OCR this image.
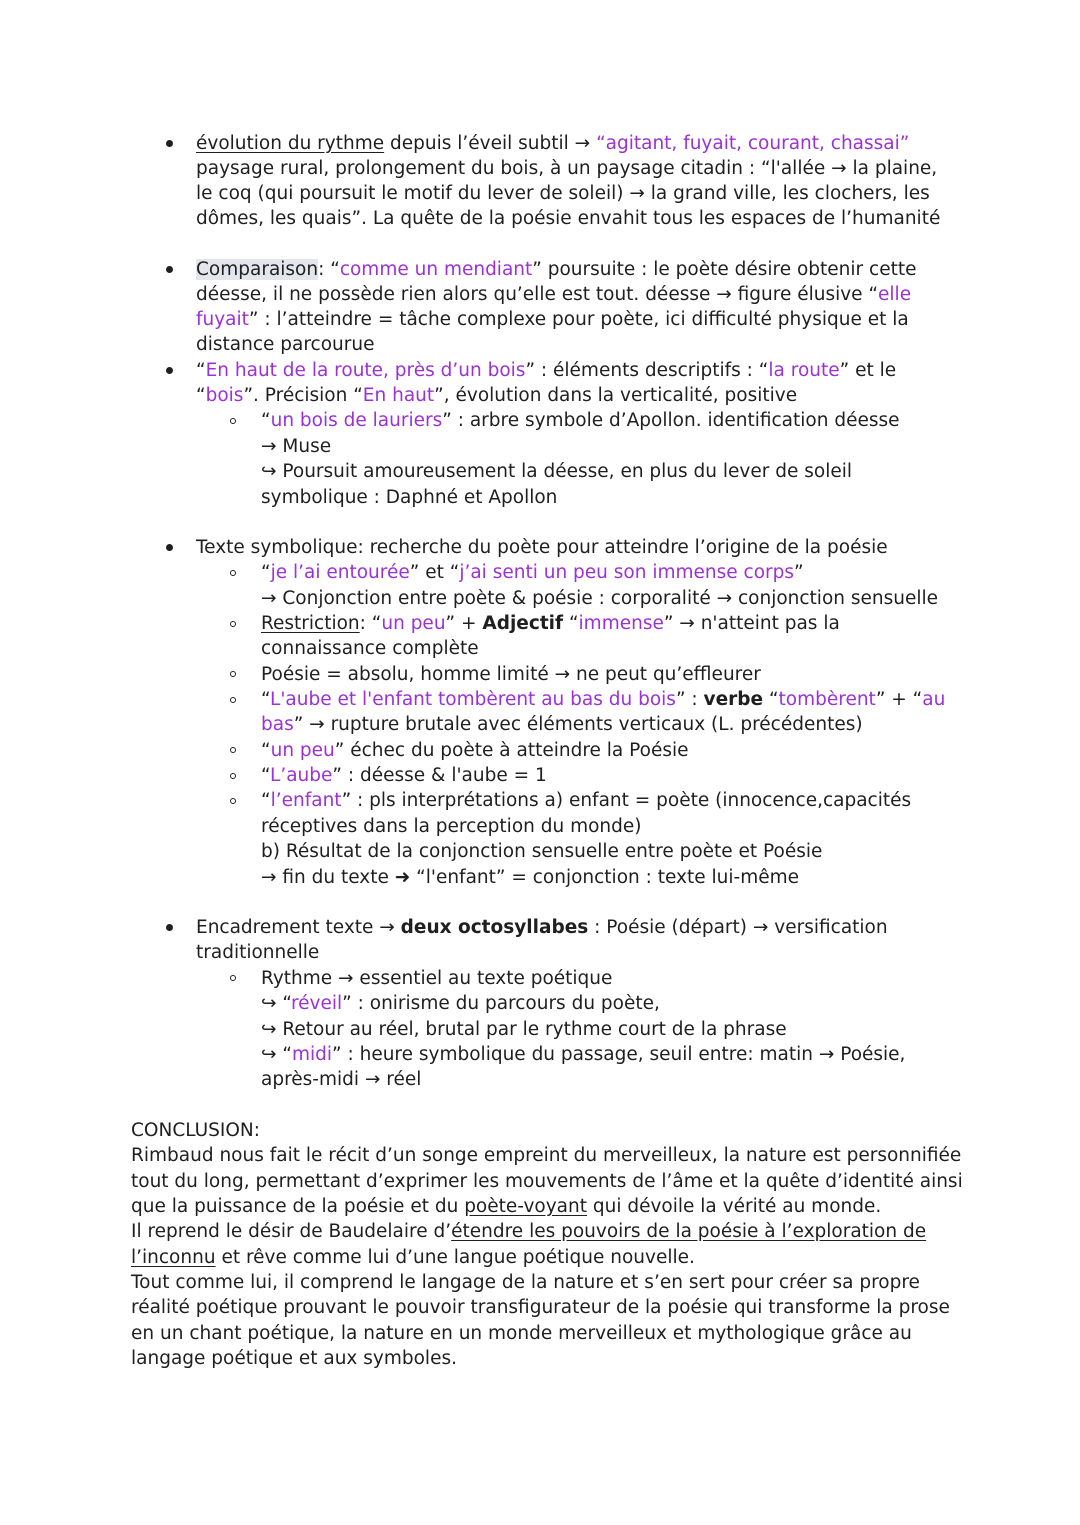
évolution du rythme depuis l’éveil subtil → “agitant, fuyait, courant, chassai”
paysage rural, prolongement du bois, à un paysage citadin : “l'allée → la plaine,
le coq (qui poursuit le motif du lever de soleil) → la grand ville, les clochers, les
dômes, les quais”. La quête de la poésie envahit tous les espaces de l’humanité
Comparaison: “comme un mendiant” poursuite : le poète désire obtenir cette
déesse, il ne possède rien alors qu’elle est tout. déesse → figure élusive “elle
fuyait” : l’atteindre = tâche complexe pour poète, ici difficulté physique et la
distance parcourue
“En haut de la route, près d’un bois” : éléments descriptifs : “la route” et le
“bois”. Précision “En haut”, évolution dans la verticalité, positive
“un bois de lauriers” : arbre symbole d’Apollon. identification déesse
→ Muse
↪ Poursuit amoureusement la déesse, en plus du lever de soleil
symbolique : Daphné et Apollon
Texte symbolique: recherche du poète pour atteindre l’origine de la poésie
“je l’ai entourée” et “j’ai senti un peu son immense corps”
→ Conjonction entre poète & poésie : corporalité → conjonction sensuelle
Restriction: “un peu” + Adjectif “immense” → n'atteint pas la
connaissance complète
Poésie = absolu, homme limité → ne peut qu’effleurer
“L'aube et l'enfant tombèrent au bas du bois” : verbe “tombèrent” + “au
bas” → rupture brutale avec éléments verticaux (L. précédentes)
“un peu” échec du poète à atteindre la Poésie
“L’aube” : déesse & l'aube = 1
“l’enfant” : pls interprétations a) enfant = poète (innocence,capacités
réceptives dans la perception du monde)
b) Résultat de la conjonction sensuelle entre poète et Poésie
→ fin du texte ➜ “l'enfant” = conjonction : texte lui-même
Encadrement texte → deux octosyllabes : Poésie (départ) → versification
traditionnelle
Rythme → essentiel au texte poétique
↪ “réveil” : onirisme du parcours du poète,
↪ Retour au réel, brutal par le rythme court de la phrase
↪ “midi” : heure symbolique du passage, seuil entre: matin → Poésie,
après-midi → réel
CONCLUSION:
Rimbaud nous fait le récit d’un songe empreint du merveilleux, la nature est personnifiée
tout du long, permettant d’exprimer les mouvements de l’âme et la quête d’identité ainsi
que la puissance de la poésie et du poète-voyant qui dévoile la vérité au monde.
Il reprend le désir de Baudelaire d’étendre les pouvoirs de la poésie à l’exploration de
l’inconnu et rêve comme lui d’une langue poétique nouvelle.
Tout comme lui, il comprend le langage de la nature et s’en sert pour créer sa propre
réalité poétique prouvant le pouvoir transfigurateur de la poésie qui transforme la prose
en un chant poétique, la nature en un monde merveilleux et mythologique grâce au
langage poétique et aux symboles.
